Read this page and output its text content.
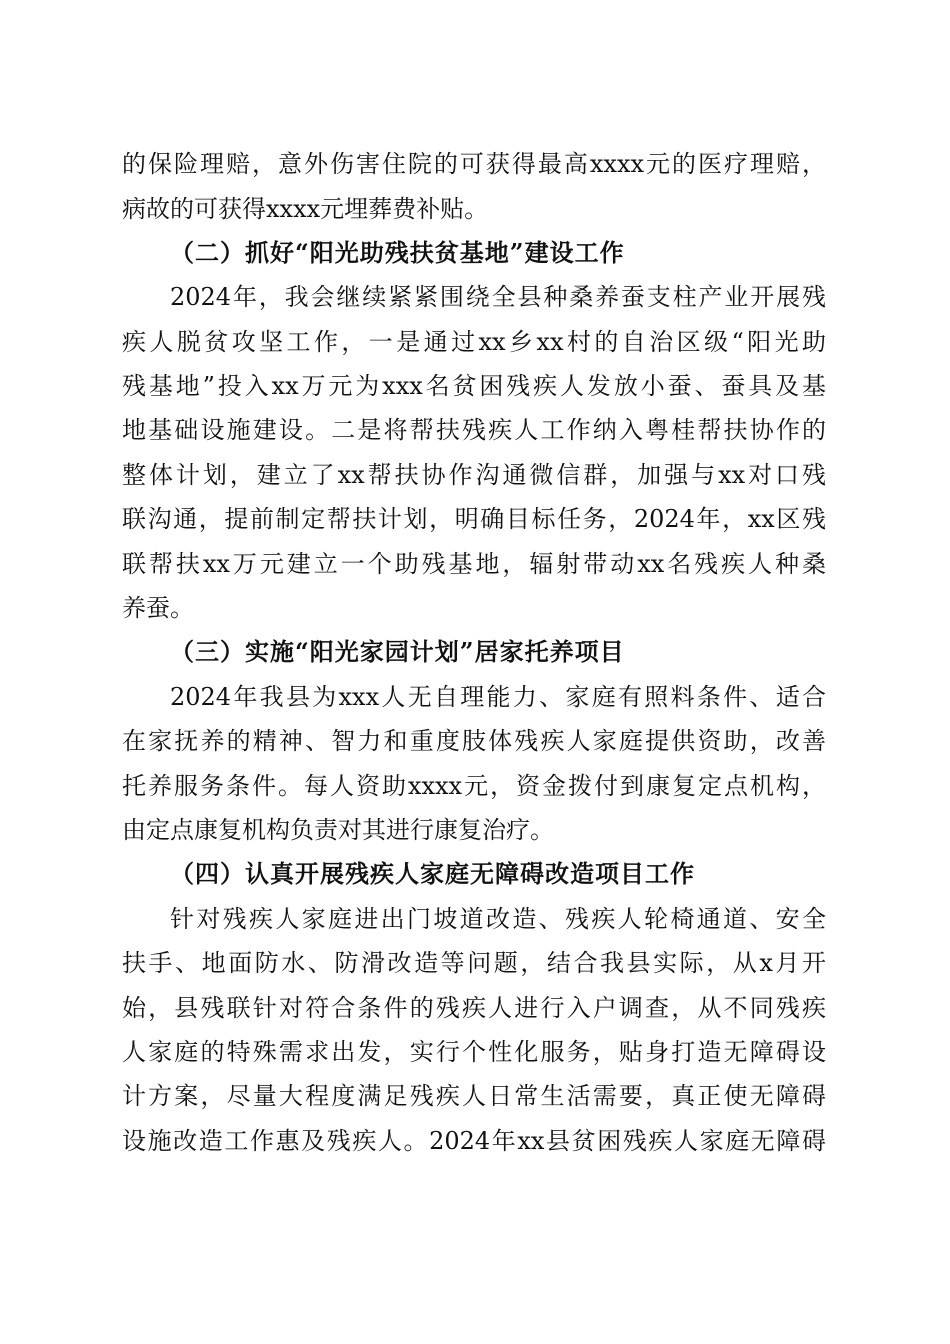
的保险理赔，意外伤害住院的可获得最高xxxx元的医疗理赔，
病故的可获得xxxx元埋葬费补贴。
（二）抓好“阳光助残扶贫基地”建设工作
2024年，我会继续紧紧围绕全县种桑养蚕支柱产业开展残
疾人脱贫攻坚工作，一是通过xx乡xx村的自治区级“阳光助
残基地”投入xx万元为xxx名贫困残疾人发放小蚕、蚕具及基
地基础设施建设。二是将帮扶残疾人工作纳入粤桂帮扶协作的
整体计划，建立了xx帮扶协作沟通微信群，加强与xx对口残
联沟通，提前制定帮扶计划，明确目标任务，2024年，xx区残
联帮扶xx万元建立一个助残基地，辐射带动xx名残疾人种桑
养蚕。
（三）实施“阳光家园计划”居家托养项目
2024年我县为xxx人无自理能力、家庭有照料条件、适合
在家抚养的精神、智力和重度肢体残疾人家庭提供资助，改善
托养服务条件。每人资助xxxx元，资金拨付到康复定点机构，
由定点康复机构负责对其进行康复治疗。
（四）认真开展残疾人家庭无障碍改造项目工作
针对残疾人家庭进出门坡道改造、残疾人轮椅通道、安全
扶手、地面防水、防滑改造等问题，结合我县实际，从x月开
始，县残联针对符合条件的残疾人进行入户调查，从不同残疾
人家庭的特殊需求出发，实行个性化服务，贴身打造无障碍设
计方案，尽量大程度满足残疾人日常生活需要，真正使无障碍
设施改造工作惠及残疾人。2024年xx县贫困残疾人家庭无障碍
